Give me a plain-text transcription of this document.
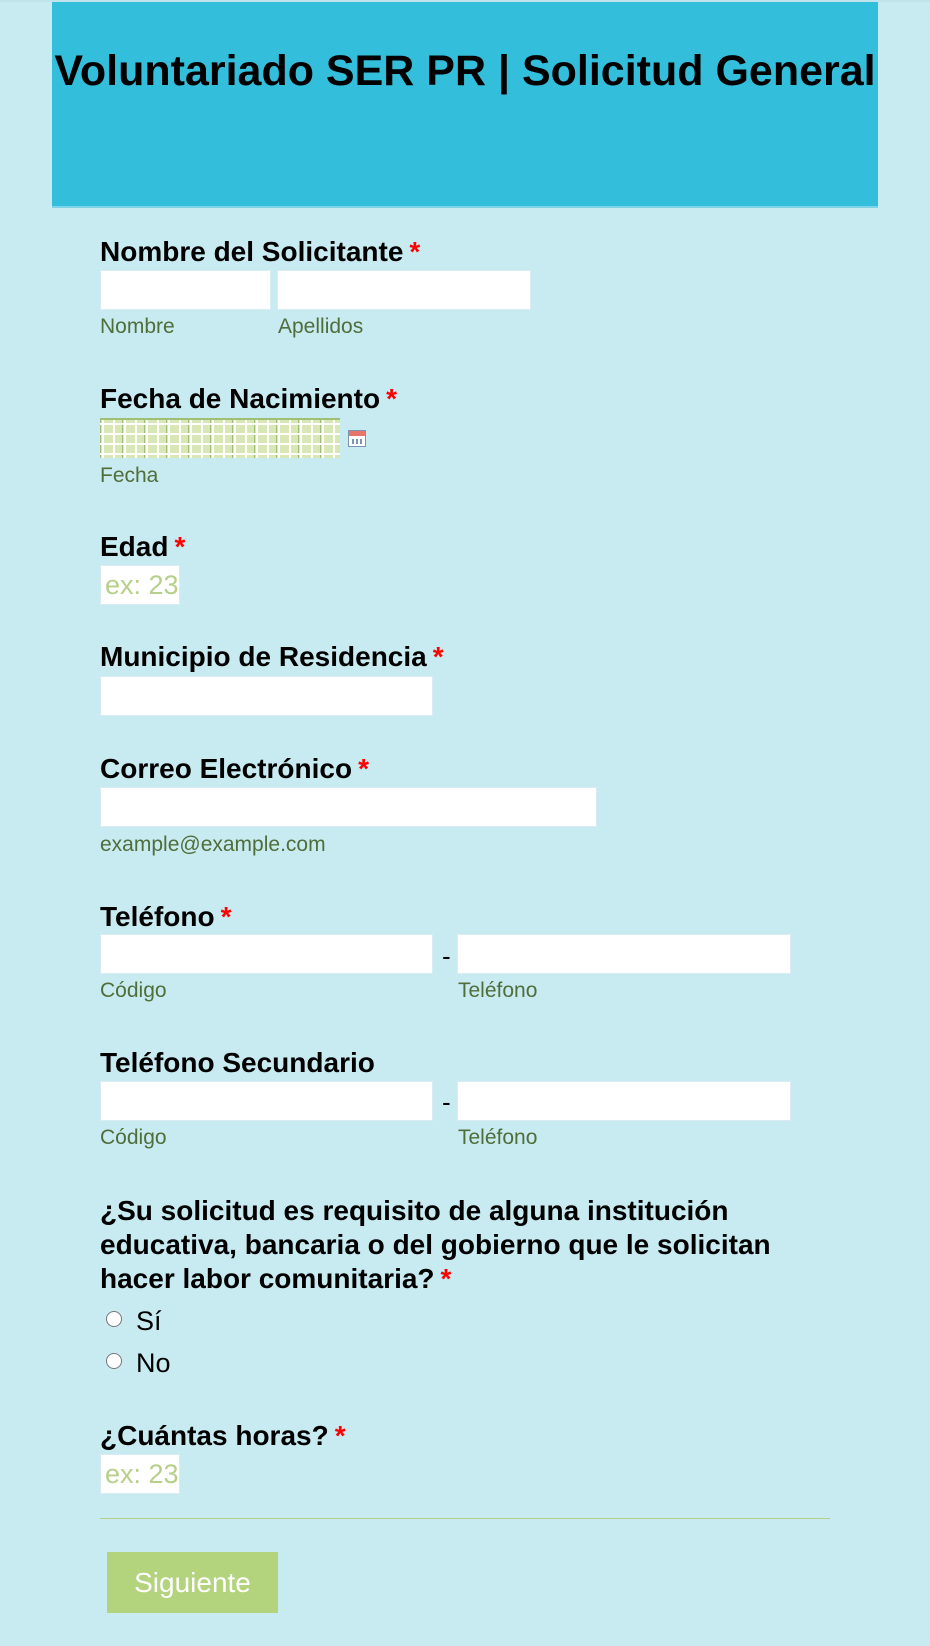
Voluntariado SER PR | Solicitud General
Nombre del Solicitante *
Nombre	Apellidos
Fecha de Nacimiento *
Fecha
Edad *
ex: 23
Municipio de Residencia *
Correo Electrónico *
example@example.com
Teléfono *
-
Código	Teléfono
Teléfono Secundario
-
Código	Teléfono
¿Su solicitud es requisito de alguna institución educativa, bancaria o del gobierno que le solicitan hacer labor comunitaria? *
Sí
No
¿Cuántas horas? *
ex: 23
Siguiente
